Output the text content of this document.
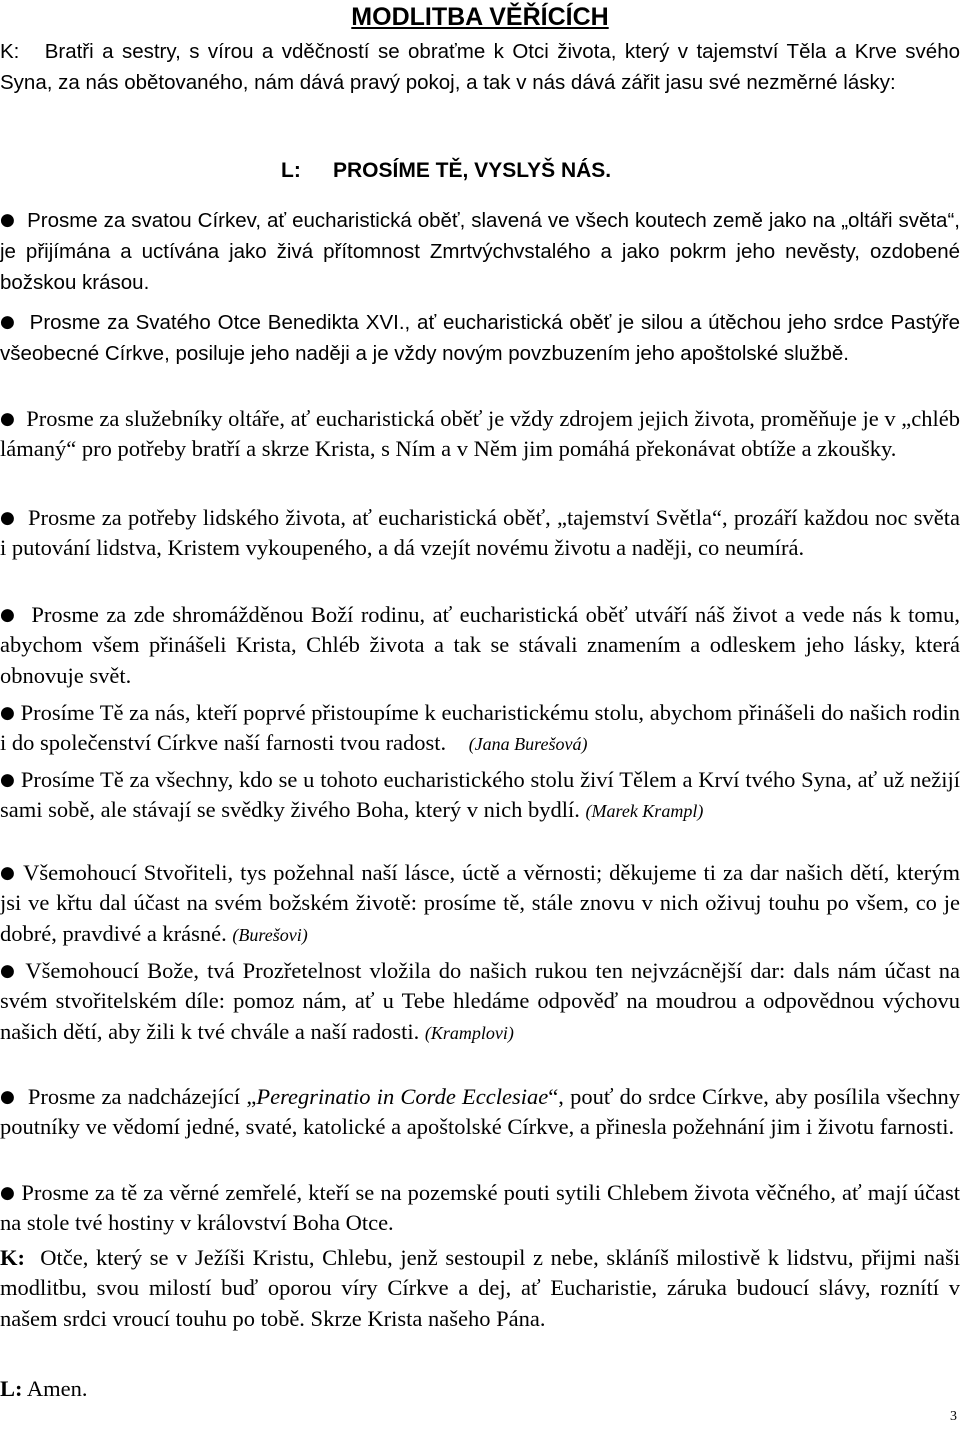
MODLITBA VĚŘÍCÍCH

K: Bratři a sestry, s vírou a vděčností se obraťme k Otci života, který v tajemství Těla a Krve svého Syna, za nás obětovaného, nám dává pravý pokoj, a tak v nás dává zářit jasu své nezměrné lásky:

L: PROSÍME TĚ, VYSLYŠ NÁS.

● Prosme za svatou Církev, ať eucharistická oběť, slavená ve všech koutech země jako na „oltáři světa“, je přijímána a uctívána jako živá přítomnost Zmrtvýchvstalého a jako pokrm jeho nevěsty, ozdobené božskou krásou.

● Prosme za Svatého Otce Benedikta XVI., ať eucharistická oběť je silou a útěchou jeho srdce Pastýře všeobecné Církve, posiluje jeho naději a je vždy novým povzbuzením jeho apoštolské službě.

● Prosme za služebníky oltáře, ať eucharistická oběť je vždy zdrojem jejich života, proměňuje je v „chléb lámaný“ pro potřeby bratří a skrze Krista, s Ním a v Něm jim pomáhá překonávat obtíže a zkoušky.

● Prosme za potřeby lidského života, ať eucharistická oběť, „tajemství Světla“, prozáří každou noc světa i putování lidstva, Kristem vykoupeného, a dá vzejít novému životu a naději, co neumírá.

● Prosme za zde shromážděnou Boží rodinu, ať eucharistická oběť utváří náš život a vede nás k tomu, abychom všem přinášeli Krista, Chléb života a tak se stávali znamením a odleskem jeho lásky, která obnovuje svět.

● Prosíme Tě za nás, kteří poprvé přistoupíme k eucharistickému stolu, abychom přinášeli do našich rodin i do společenství Církve naší farnosti tvou radost. (Jana Burešová)

● Prosíme Tě za všechny, kdo se u tohoto eucharistického stolu živí Tělem a Krví tvého Syna, ať už nežijí sami sobě, ale stávají se svědky živého Boha, který v nich bydlí. (Marek Krampl)

● Všemohoucí Stvořiteli, tys požehnal naší lásce, úctě a věrnosti; děkujeme ti za dar našich dětí, kterým jsi ve křtu dal účast na svém božském životě: prosíme tě, stále znovu v nich oživuj touhu po všem, co je dobré, pravdivé a krásné. (Burešovi)

● Všemohoucí Bože, tvá Prozřetelnost vložila do našich rukou ten nejvzácnější dar: dals nám účast na svém stvořitelském díle: pomoz nám, ať u Tebe hledáme odpověď na moudrou a odpovědnou výchovu našich dětí, aby žili k tvé chvále a naší radosti. (Kramplovi)

● Prosme za nadcházející „Peregrinatio in Corde Ecclesiae“, pouť do srdce Církve, aby posílila všechny poutníky ve vědomí jedné, svaté, katolické a apoštolské Církve, a přinesla požehnání jim i životu farnosti.

● Prosme za tě za věrné zemřelé, kteří se na pozemské pouti sytili Chlebem života věčného, ať mají účast na stole tvé hostiny v království Boha Otce.

K: Otče, který se v Ježíši Kristu, Chlebu, jenž sestoupil z nebe, skláníš milostivě k lidstvu, přijmi naši modlitbu, svou milostí buď oporou víry Církve a dej, ať Eucharistie, záruka budoucí slávy, roznítí v našem srdci vroucí touhu po tobě. Skrze Krista našeho Pána.

L: Amen.

3
